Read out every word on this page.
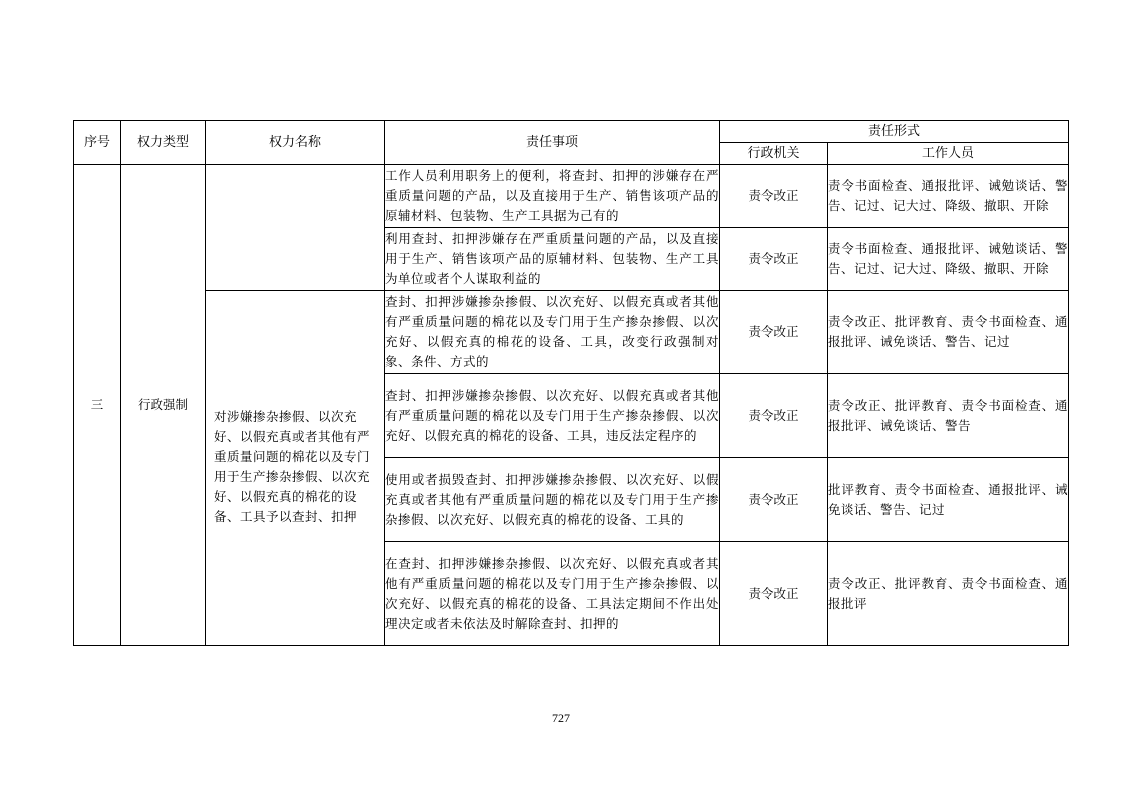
序号	权力类型	权力名称	责任事项	责任形式	
				行政机关	工作人员
三	行政强制		工作人员利用职务上的便利，将查封、扣押的涉嫌存在严重质量问题的产品，以及直接用于生产、销售该项产品的原辅材料、包装物、生产工具据为己有的	责令改正	责令书面检查、通报批评、诫勉谈话、警告、记过、记大过、降级、撤职、开除
			利用查封、扣押涉嫌存在严重质量问题的产品，以及直接用于生产、销售该项产品的原辅材料、包装物、生产工具为单位或者个人谋取利益的	责令改正	责令书面检查、通报批评、诫勉谈话、警告、记过、记大过、降级、撤职、开除
		对涉嫌掺杂掺假、以次充好、以假充真或者其他有严重质量问题的棉花以及专门用于生产掺杂掺假、以次充好、以假充真的棉花的设备、工具予以查封、扣押	查封、扣押涉嫌掺杂掺假、以次充好、以假充真或者其他有严重质量问题的棉花以及专门用于生产掺杂掺假、以次充好、以假充真的棉花的设备、工具，改变行政强制对象、条件、方式的	责令改正	责令改正、批评教育、责令书面检查、通报批评、诫免谈话、警告、记过
			查封、扣押涉嫌掺杂掺假、以次充好、以假充真或者其他有严重质量问题的棉花以及专门用于生产掺杂掺假、以次充好、以假充真的棉花的设备、工具，违反法定程序的	责令改正	责令改正、批评教育、责令书面检查、通报批评、诫免谈话、警告
			使用或者损毁查封、扣押涉嫌掺杂掺假、以次充好、以假充真或者其他有严重质量问题的棉花以及专门用于生产掺杂掺假、以次充好、以假充真的棉花的设备、工具的	责令改正	批评教育、责令书面检查、通报批评、诫免谈话、警告、记过
			在查封、扣押涉嫌掺杂掺假、以次充好、以假充真或者其他有严重质量问题的棉花以及专门用于生产掺杂掺假、以次充好、以假充真的棉花的设备、工具法定期间不作出处理决定或者未依法及时解除查封、扣押的	责令改正	责令改正、批评教育、责令书面检查、通报批评
727
